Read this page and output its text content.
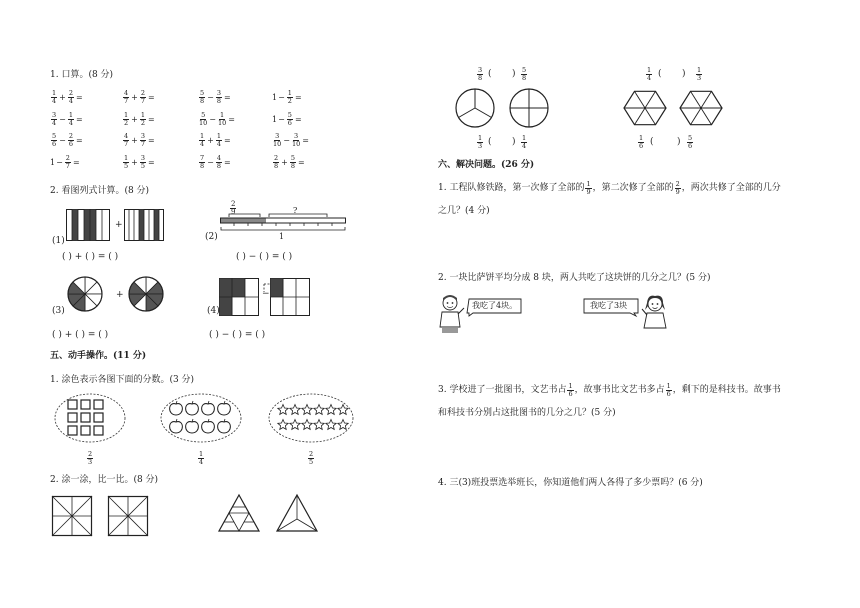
1. 口算。(8 分)
$\frac{1}{4} + \frac{2}{4}$ =	$\frac{4}{7} + \frac{2}{7}$ =	$\frac{5}{8} - \frac{3}{8}$ =	$1 - \frac{1}{2}$ =
$\frac{3}{4} - \frac{1}{4}$ =	$\frac{1}{2} + \frac{1}{2}$ =	$\frac{5}{10} - \frac{1}{10}$ =	$1 - \frac{5}{6}$ =
$\frac{5}{6} - \frac{2}{6}$ =	$\frac{4}{7} + \frac{3}{7}$ =	$\frac{1}{4} + \frac{1}{4}$ =	$\frac{3}{10} - \frac{3}{10}$ =
$1 - \frac{2}{7}$ =	$\frac{1}{5} + \frac{3}{5}$ =	$\frac{7}{8} - \frac{4}{8}$ =	$\frac{2}{8} + \frac{5}{8}$ =
2. 看图列式计算。(8 分)
(1)
+
( ) + ( ) = ( )
(2)
$\frac{2}{9}$	?
1
( ) − ( ) = ( )
(3)
+
( ) + ( ) = ( )
(4)
−
( ) − ( ) = ( )
五、动手操作。(11 分)
1. 涂色表示各图下面的分数。(3 分)
$\frac{2}{3}$	$\frac{1}{4}$	$\frac{2}{5}$
2. 涂一涂，比一比。(8 分)
$\frac{3}{8}$ ( ) $\frac{5}{8}$
$\frac{1}{3}$ ( ) $\frac{1}{4}$
$\frac{1}{4}$ ( ) $\frac{1}{3}$
$\frac{1}{6}$ (	) $\frac{5}{6}$
六、解决问题。(26 分)
1. 工程队修铁路，第一次修了全部的 $\frac{1}{9}$ ，第二次修了全部的 $\frac{2}{9}$ ，两次共修了全部的几分
之几？(4 分)
2. 一块比萨饼平均分成 8 块，两人共吃了这块饼的几分之几？(5 分)
我吃了4块。	我吃了3块
3. 学校进了一批图书，文艺书占 $\frac{1}{6}$ ，故事书比文艺书多占 $\frac{1}{6}$ ，剩下的是科技书。故事书
和科技书分别占这批图书的几分之几？(5 分)
4. 三(3)班投票选举班长，你知道他们两人各得了多少票吗？(6 分)
